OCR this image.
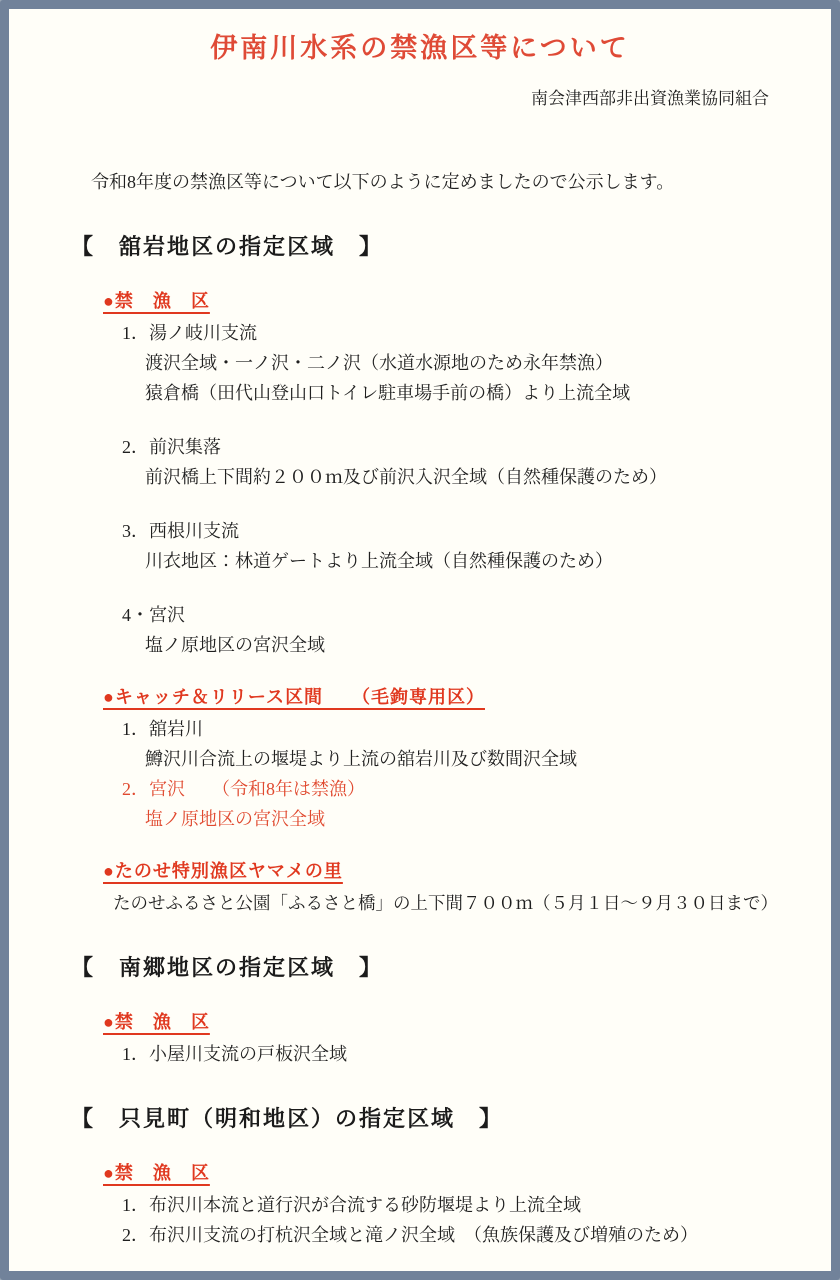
伊南川水系の禁漁区等について

南会津西部非出資漁業協同組合

令和8年度の禁漁区等について以下のように定めましたので公示します。

【　舘岩地区の指定区域　】

●禁　漁　区

1．湯ノ岐川支流

渡沢全域・一ノ沢・二ノ沢（水道水源地のため永年禁漁）

猿倉橋（田代山登山口トイレ駐車場手前の橋）より上流全域

2．前沢集落

前沢橋上下間約２００ｍ及び前沢入沢全域（自然種保護のため）

3．西根川支流

川衣地区：林道ゲートより上流全域（自然種保護のため）

4・宮沢

塩ノ原地区の宮沢全域

●キャッチ＆リリース区間　　（毛鉤専用区）

1．舘岩川

鱒沢川合流上の堰堤より上流の舘岩川及び数間沢全域

2．宮沢　　（令和8年は禁漁）

塩ノ原地区の宮沢全域

●たのせ特別漁区ヤマメの里

たのせふるさと公園「ふるさと橋」の上下間７００ｍ（５月１日～９月３０日まで）

【　南郷地区の指定区域　】

●禁　漁　区

1．小屋川支流の戸板沢全域

【　只見町（明和地区）の指定区域　】

●禁　漁　区

1．布沢川本流と道行沢が合流する砂防堰堤より上流全域

2．布沢川支流の打杭沢全域と滝ノ沢全域　（魚族保護及び増殖のため）
